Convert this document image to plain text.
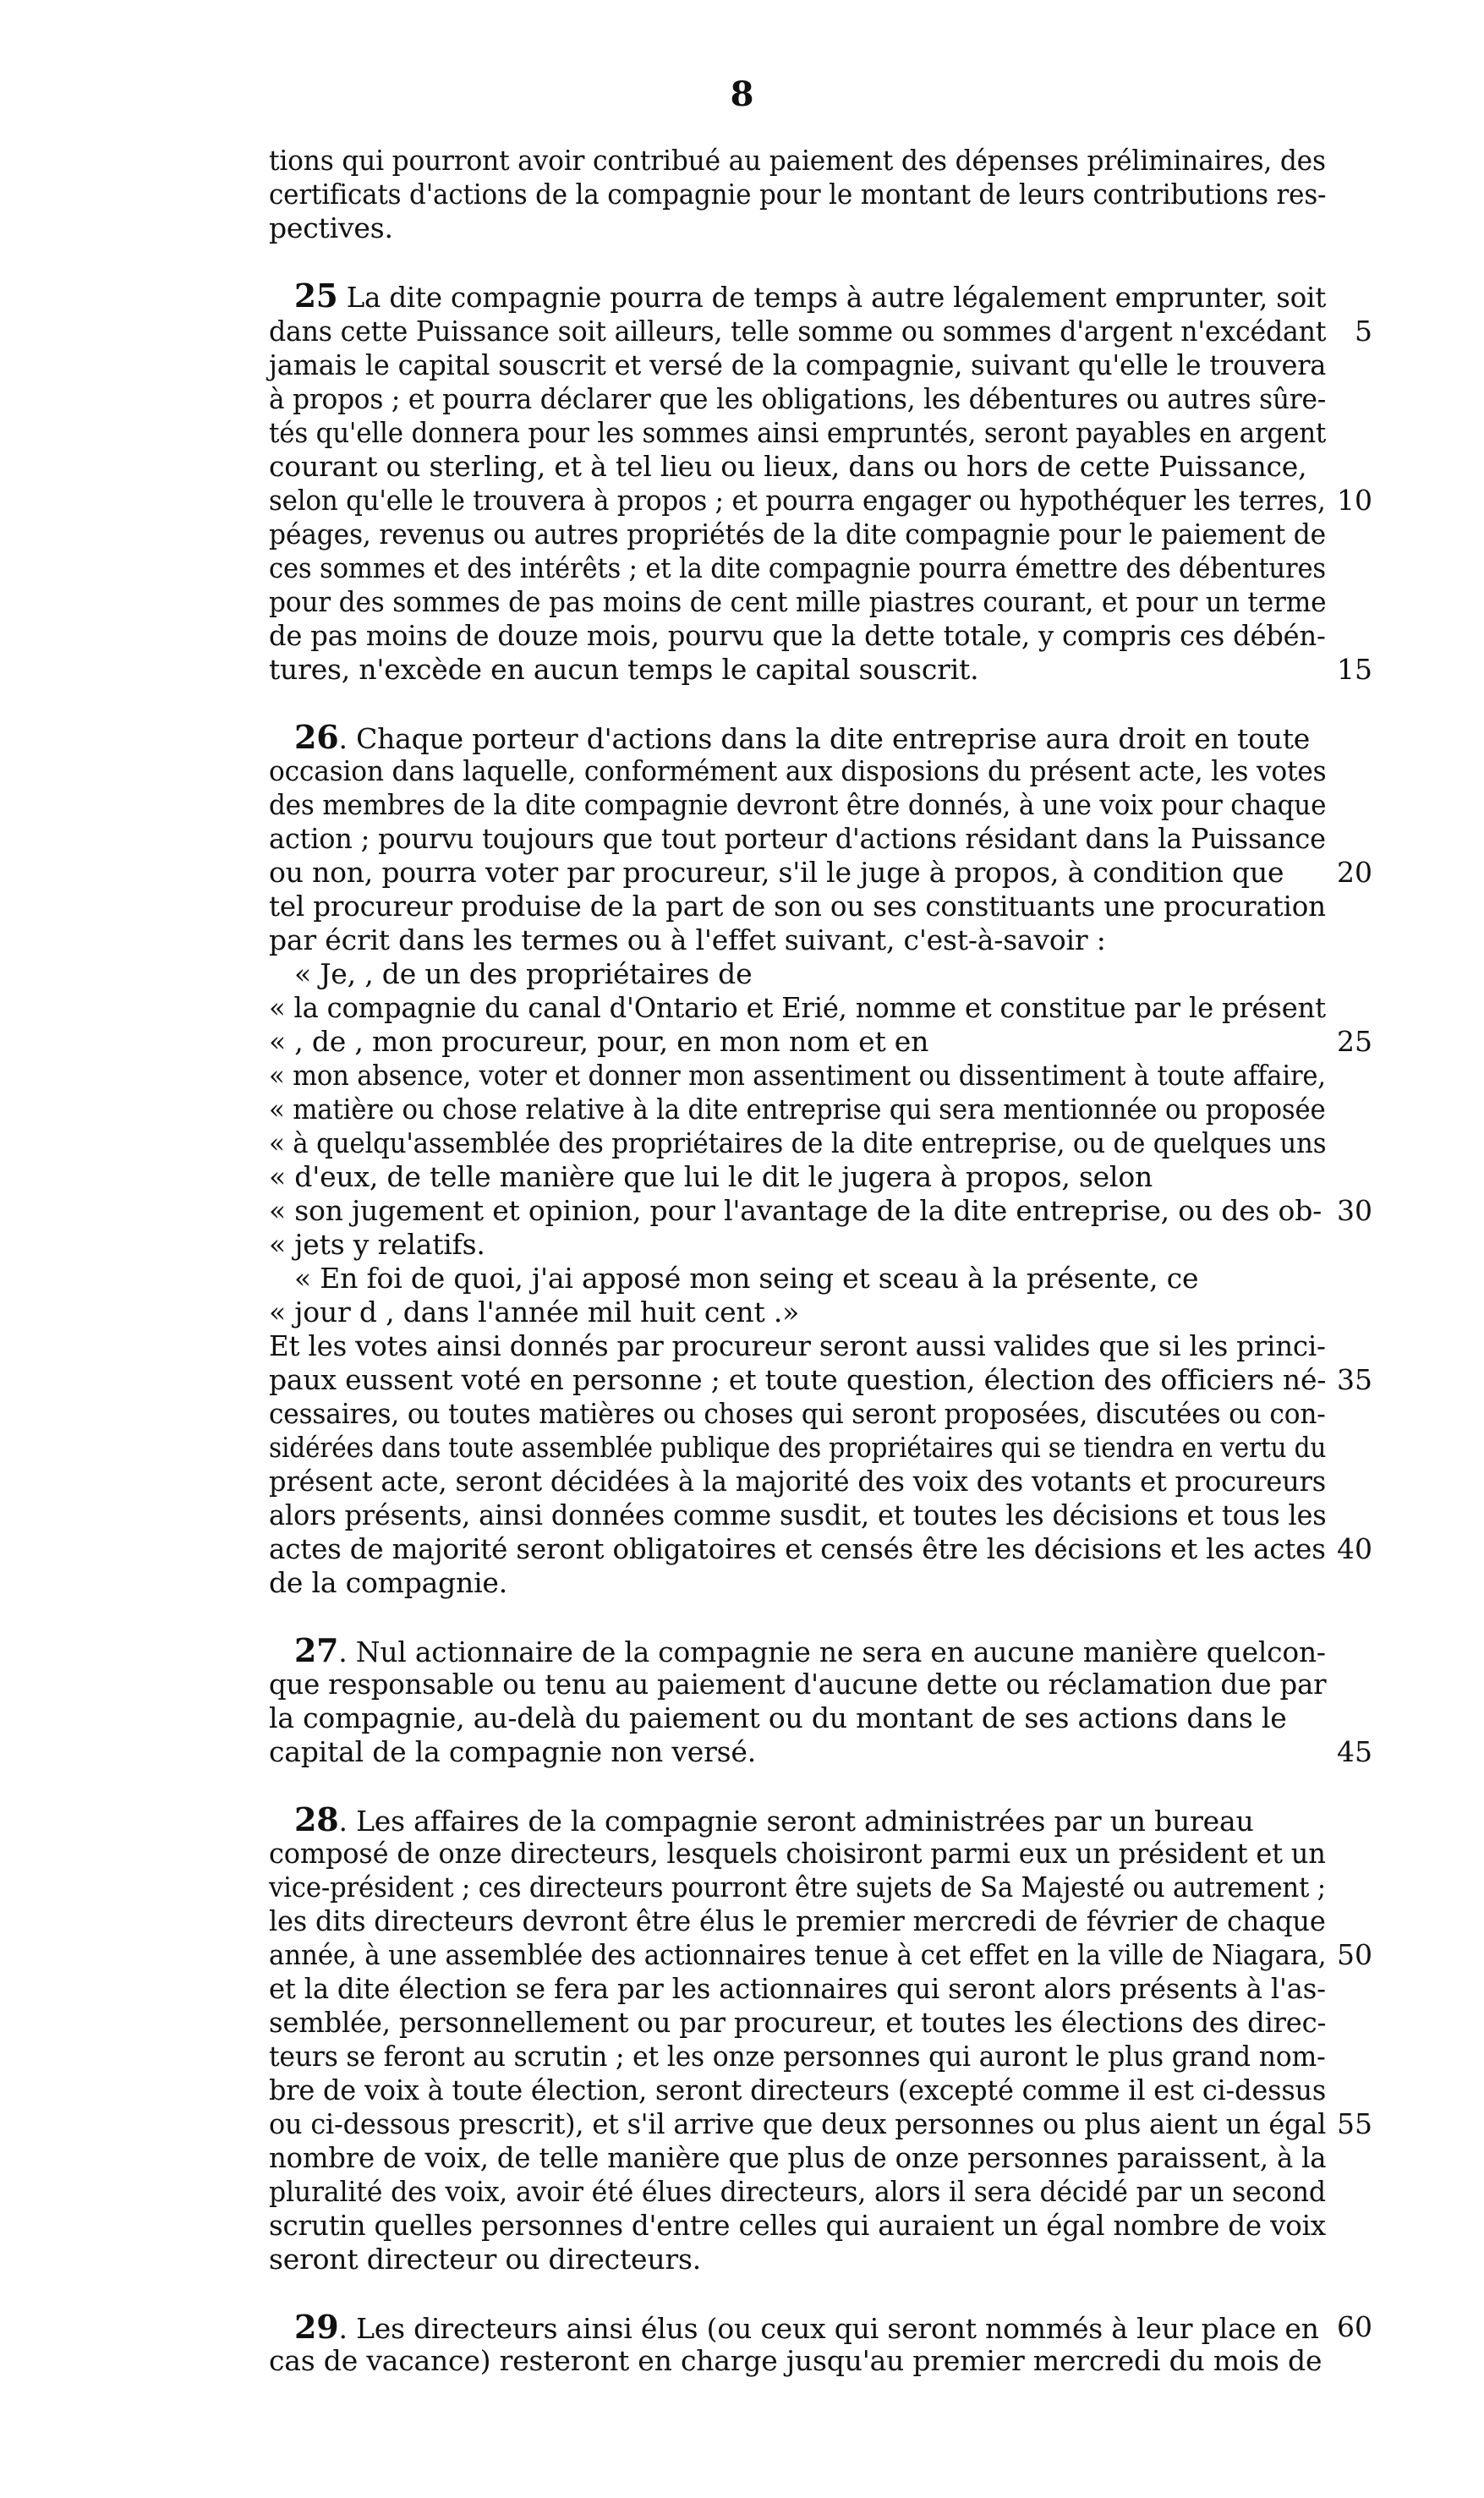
8
tions qui pourront avoir contribué au paiement des dépenses préliminaires, des
certificats d'actions de la compagnie pour le montant de leurs contributions res-
pectives.
25 La dite compagnie pourra de temps à autre légalement emprunter, soit
dans cette Puissance soit ailleurs, telle somme ou sommes d'argent n'excédant	5
jamais le capital souscrit et versé de la compagnie, suivant qu'elle le trouvera
à propos ; et pourra déclarer que les obligations, les débentures ou autres sûre-
tés qu'elle donnera pour les sommes ainsi empruntés, seront payables en argent
courant ou sterling, et à tel lieu ou lieux, dans ou hors de cette Puissance,
selon qu'elle le trouvera à propos ; et pourra engager ou hypothéquer les terres, 10
péages, revenus ou autres propriétés de la dite compagnie pour le paiement de
ces sommes et des intérêts ; et la dite compagnie pourra émettre des débentures
pour des sommes de pas moins de cent mille piastres courant, et pour un terme
de pas moins de douze mois, pourvu que la dette totale, y compris ces débén-
tures, n'excède en aucun temps le capital souscrit.	15
26. Chaque porteur d'actions dans la dite entreprise aura droit en toute
occasion dans laquelle, conformément aux disposions du présent acte, les votes
des membres de la dite compagnie devront être donnés, à une voix pour chaque
action ; pourvu toujours que tout porteur d'actions résidant dans la Puissance
ou non, pourra voter par procureur, s'il le juge à propos, à condition que	20
tel procureur produise de la part de son ou ses constituants une procuration
par écrit dans les termes ou à l'effet suivant, c'est-à-savoir :
« Je, , de un des propriétaires de
« la compagnie du canal d'Ontario et Erié, nomme et constitue par le présent
« , de , mon procureur, pour, en mon nom et en	25
« mon absence, voter et donner mon assentiment ou dissentiment à toute affaire,
« matière ou chose relative à la dite entreprise qui sera mentionnée ou proposée
« à quelqu'assemblée des propriétaires de la dite entreprise, ou de quelques uns
« d'eux, de telle manière que lui le dit le jugera à propos, selon
« son jugement et opinion, pour l'avantage de la dite entreprise, ou des ob- 30
« jets y relatifs.
« En foi de quoi, j'ai apposé mon seing et sceau à la présente, ce
« jour d , dans l'année mil huit cent .»
Et les votes ainsi donnés par procureur seront aussi valides que si les princi-
paux eussent voté en personne ; et toute question, élection des officiers né- 35
cessaires, ou toutes matières ou choses qui seront proposées, discutées ou con-
sidérées dans toute assemblée publique des propriétaires qui se tiendra en vertu du
présent acte, seront décidées à la majorité des voix des votants et procureurs
alors présents, ainsi données comme susdit, et toutes les décisions et tous les
actes de majorité seront obligatoires et censés être les décisions et les actes 40
de la compagnie.
27. Nul actionnaire de la compagnie ne sera en aucune manière quelcon-
que responsable ou tenu au paiement d'aucune dette ou réclamation due par
la compagnie, au-delà du paiement ou du montant de ses actions dans le
capital de la compagnie non versé.	45
28. Les affaires de la compagnie seront administrées par un bureau
composé de onze directeurs, lesquels choisiront parmi eux un président et un
vice-président ; ces directeurs pourront être sujets de Sa Majesté ou autrement ;
les dits directeurs devront être élus le premier mercredi de février de chaque
année, à une assemblée des actionnaires tenue à cet effet en la ville de Niagara, 50
et la dite élection se fera par les actionnaires qui seront alors présents à l'as-
semblée, personnellement ou par procureur, et toutes les élections des direc-
teurs se feront au scrutin ; et les onze personnes qui auront le plus grand nom-
bre de voix à toute élection, seront directeurs (excepté comme il est ci-dessus
ou ci-dessous prescrit), et s'il arrive que deux personnes ou plus aient un égal 55
nombre de voix, de telle manière que plus de onze personnes paraissent, à la
pluralité des voix, avoir été élues directeurs, alors il sera décidé par un second
scrutin quelles personnes d'entre celles qui auraient un égal nombre de voix
seront directeur ou directeurs.
29. Les directeurs ainsi élus (ou ceux qui seront nommés à leur place en 60
cas de vacance) resteront en charge jusqu'au premier mercredi du mois de
